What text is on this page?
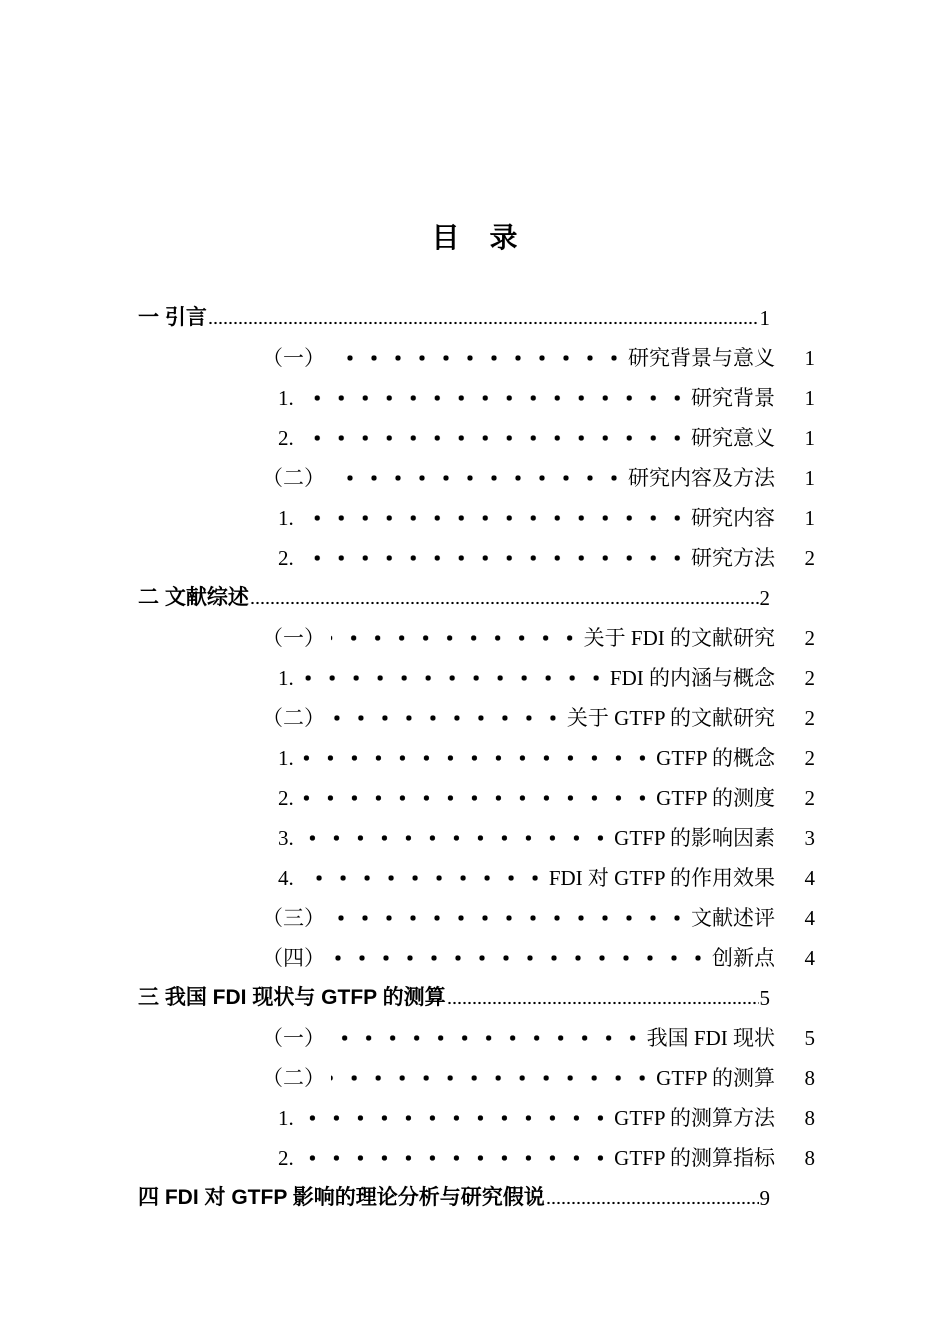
目　录
一 引言	1
（一）	研究背景与意义	1
1.	研究背景	1
2.	研究意义	1
（二）	研究内容及方法	1
1.	研究内容	1
2.	研究方法	2
二 文献综述	2
（一）	关于 FDI 的文献研究	2
1.	FDI 的内涵与概念	2
（二）	关于 GTFP 的文献研究	2
1.	GTFP 的概念	2
2.	GTFP 的测度	2
3.	GTFP 的影响因素	3
4.	FDI 对 GTFP 的作用效果	4
（三）	文献述评	4
（四）	创新点	4
三 我国 FDI 现状与 GTFP 的测算	5
（一）	我国 FDI 现状	5
（二）	GTFP 的测算	8
1.	GTFP 的测算方法	8
2.	GTFP 的测算指标	8
四 FDI 对 GTFP 影响的理论分析与研究假说	9
